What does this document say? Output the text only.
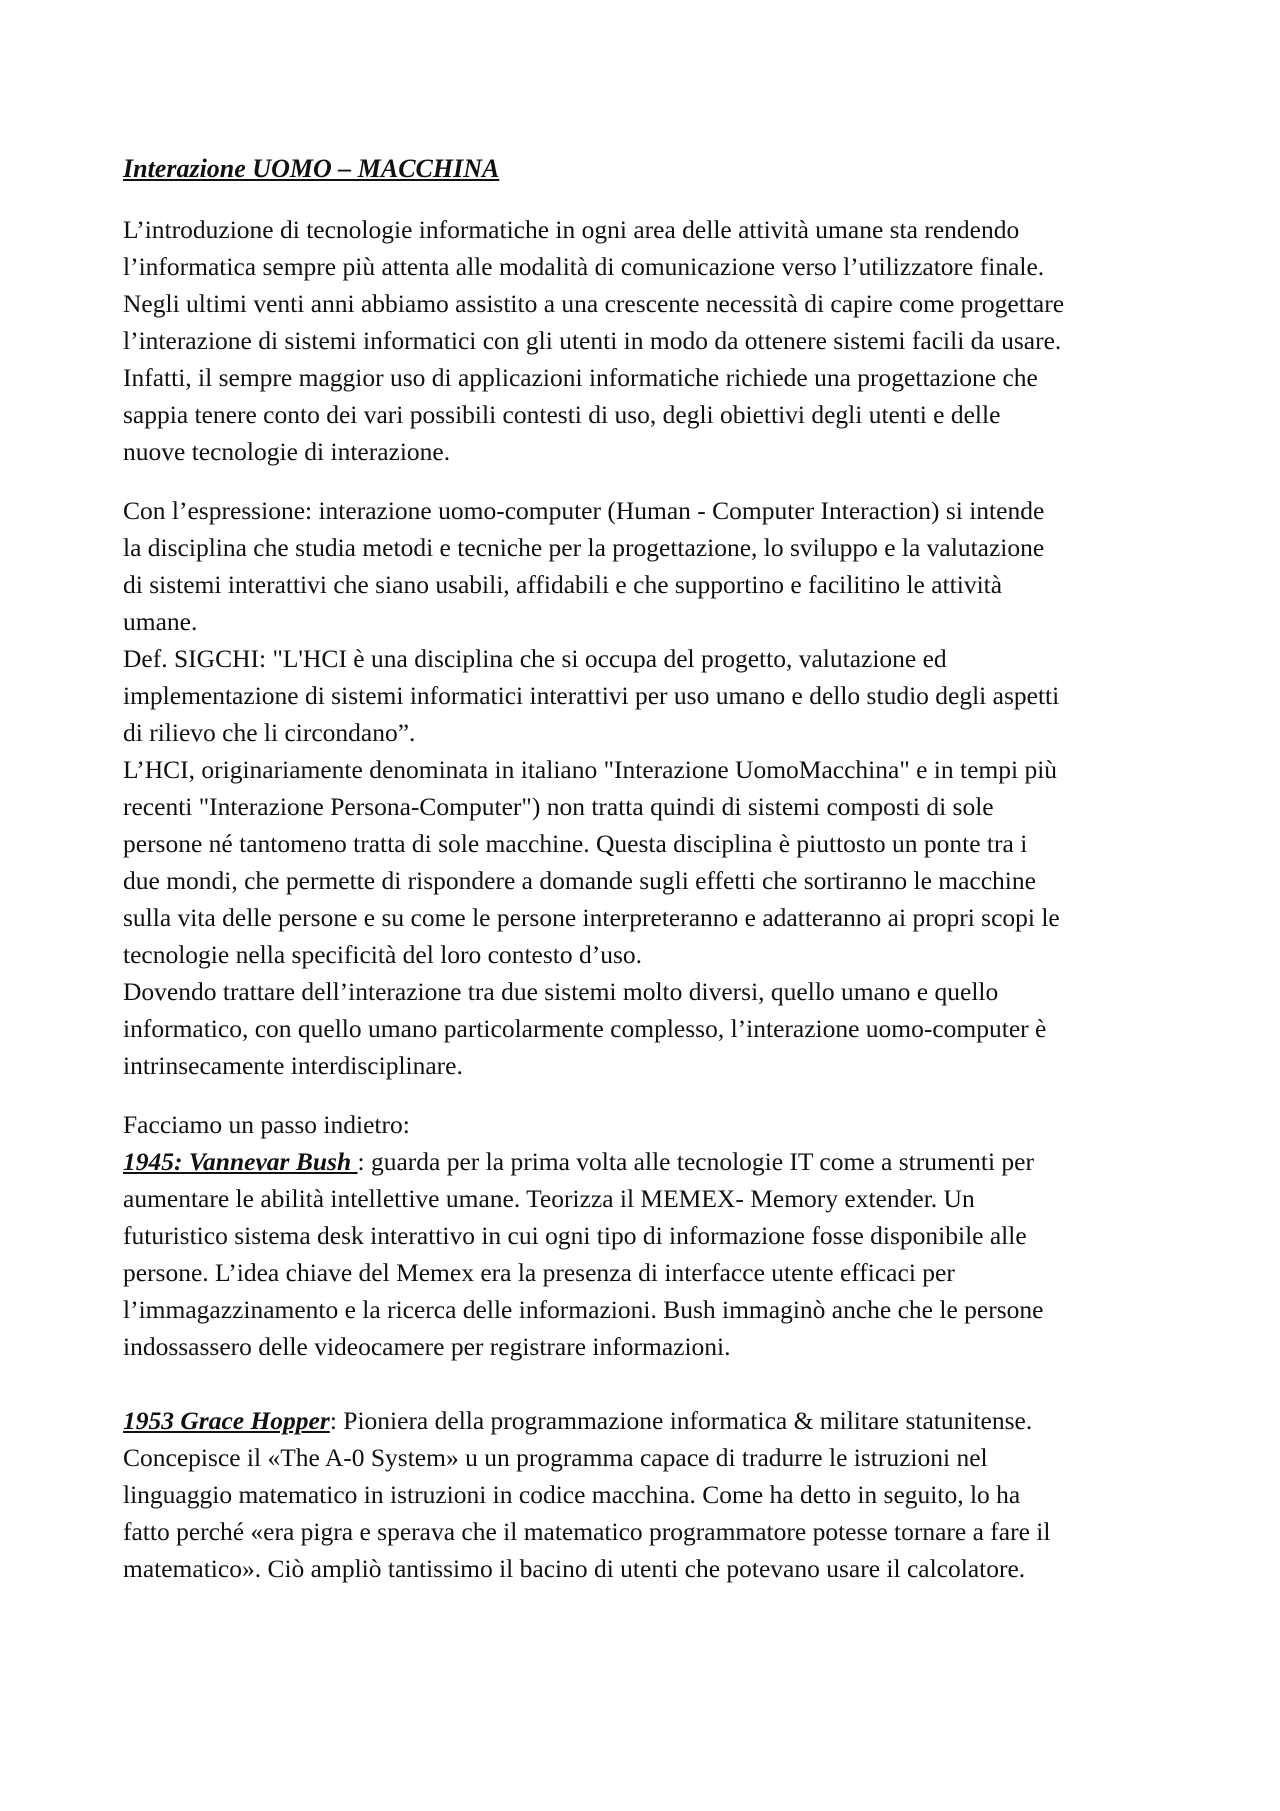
Interazione UOMO – MACCHINA
L’introduzione di tecnologie informatiche in ogni area delle attività umane sta rendendo
l’informatica sempre più attenta alle modalità di comunicazione verso l’utilizzatore finale.
Negli ultimi venti anni abbiamo assistito a una crescente necessità di capire come progettare
l’interazione di sistemi informatici con gli utenti in modo da ottenere sistemi facili da usare.
Infatti, il sempre maggior uso di applicazioni informatiche richiede una progettazione che
sappia tenere conto dei vari possibili contesti di uso, degli obiettivi degli utenti e delle
nuove tecnologie di interazione.
Con l’espressione: interazione uomo-computer (Human - Computer Interaction) si intende
la disciplina che studia metodi e tecniche per la progettazione, lo sviluppo e la valutazione
di sistemi interattivi che siano usabili, affidabili e che supportino e facilitino le attività
umane.
Def. SIGCHI: "L'HCI è una disciplina che si occupa del progetto, valutazione ed
implementazione di sistemi informatici interattivi per uso umano e dello studio degli aspetti
di rilievo che li circondano”.
L’HCI, originariamente denominata in italiano "Interazione UomoMacchina" e in tempi più
recenti "Interazione Persona-Computer") non tratta quindi di sistemi composti di sole
persone né tantomeno tratta di sole macchine. Questa disciplina è piuttosto un ponte tra i
due mondi, che permette di rispondere a domande sugli effetti che sortiranno le macchine
sulla vita delle persone e su come le persone interpreteranno e adatteranno ai propri scopi le
tecnologie nella specificità del loro contesto d’uso.
Dovendo trattare dell’interazione tra due sistemi molto diversi, quello umano e quello
informatico, con quello umano particolarmente complesso, l’interazione uomo-computer è
intrinsecamente interdisciplinare.
Facciamo un passo indietro:
1945: Vannevar Bush : guarda per la prima volta alle tecnologie IT come a strumenti per
aumentare le abilità intellettive umane. Teorizza il MEMEX- Memory extender. Un
futuristico sistema desk interattivo in cui ogni tipo di informazione fosse disponibile alle
persone. L’idea chiave del Memex era la presenza di interfacce utente efficaci per
l’immagazzinamento e la ricerca delle informazioni. Bush immaginò anche che le persone
indossassero delle videocamere per registrare informazioni.
1953 Grace Hopper: Pioniera della programmazione informatica & militare statunitense.
Concepisce il «The A-0 System» u un programma capace di tradurre le istruzioni nel
linguaggio matematico in istruzioni in codice macchina. Come ha detto in seguito, lo ha
fatto perché «era pigra e sperava che il matematico programmatore potesse tornare a fare il
matematico». Ciò ampliò tantissimo il bacino di utenti che potevano usare il calcolatore.
